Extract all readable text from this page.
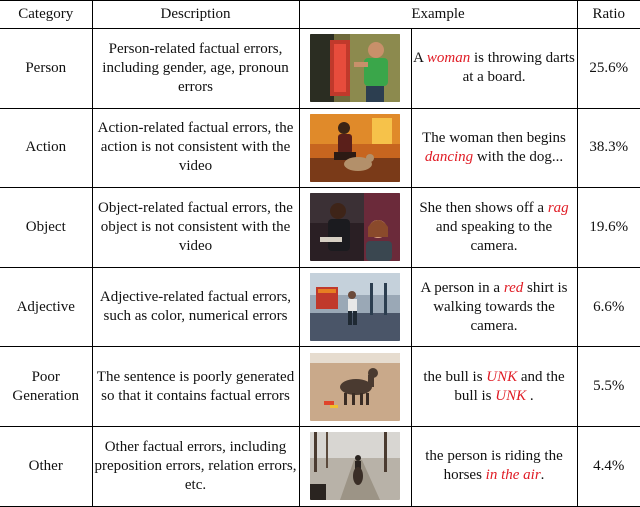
Category	Description	Example		Ratio
Person	Person-related factual errors, including gender, age, pronoun errors		A woman is throwing darts at a board.	25.6%
Action	Action-related factual errors, the action is not consistent with the video		The woman then begins dancing with the dog...	38.3%
Object	Object-related factual errors, the object is not consistent with the video		She then shows off a rag and speaking to the camera.	19.6%
Adjective	Adjective-related factual errors, such as color, numerical errors		A person in a red shirt is walking towards the camera.	6.6%
Poor Generation	The sentence is poorly generated so that it contains factual errors		the bull is UNK and the bull is UNK .	5.5%
Other	Other factual errors, including preposition errors, relation errors, etc.		the person is riding the horses in the air.	4.4%
